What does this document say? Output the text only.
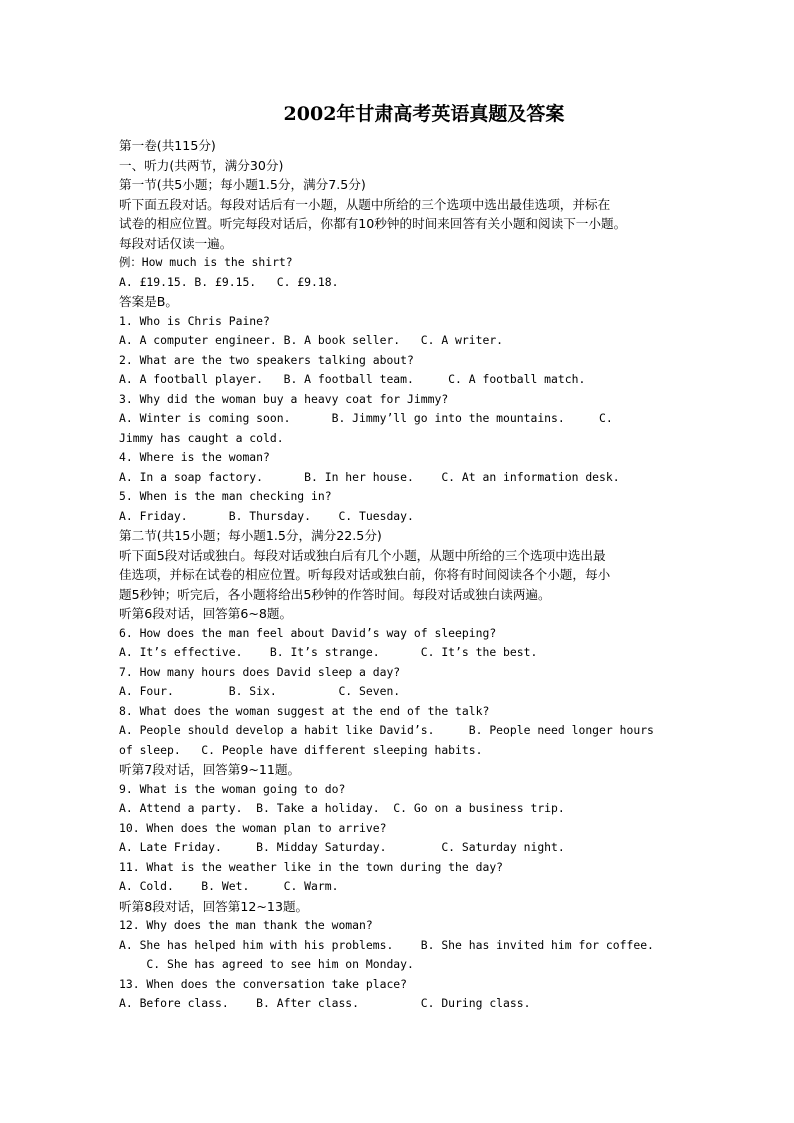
2002年甘肃高考英语真题及答案
第一卷(共115分)
一、听力(共两节，满分30分)
第一节(共5小题；每小题1.5分，满分7.5分)
听下面五段对话。每段对话后有一小题，从题中所给的三个选项中选出最佳选项，并标在
试卷的相应位置。听完每段对话后，你都有10秒钟的时间来回答有关小题和阅读下一小题。
每段对话仅读一遍。
例：How much is the shirt?
A. £19.15. B. £9.15.   C. £9.18.
答案是B。
1. Who is Chris Paine?
A. A computer engineer. B. A book seller.   C. A writer.
2. What are the two speakers talking about?
A. A football player.   B. A football team.     C. A football match.
3. Why did the woman buy a heavy coat for Jimmy?
A. Winter is coming soon.      B. Jimmy’ll go into the mountains.     C.
Jimmy has caught a cold.
4. Where is the woman?
A. In a soap factory.      B. In her house.    C. At an information desk.
5. When is the man checking in?
A. Friday.      B. Thursday.    C. Tuesday.
第二节(共15小题；每小题1.5分，满分22.5分)
听下面5段对话或独白。每段对话或独白后有几个小题，从题中所给的三个选项中选出最
佳选项，并标在试卷的相应位置。听每段对话或独白前，你将有时间阅读各个小题，每小
题5秒钟；听完后，各小题将给出5秒钟的作答时间。每段对话或独白读两遍。
听第6段对话，回答第6~8题。
6. How does the man feel about David’s way of sleeping?
A. It’s effective.    B. It’s strange.      C. It’s the best.
7. How many hours does David sleep a day?
A. Four.        B. Six.         C. Seven.
8. What does the woman suggest at the end of the talk?
A. People should develop a habit like David’s.     B. People need longer hours
of sleep.   C. People have different sleeping habits.
听第7段对话，回答第9~11题。
9. What is the woman going to do?
A. Attend a party.  B. Take a holiday.  C. Go on a business trip.
10. When does the woman plan to arrive?
A. Late Friday.     B. Midday Saturday.        C. Saturday night.
11. What is the weather like in the town during the day?
A. Cold.    B. Wet.     C. Warm.
听第8段对话，回答第12~13题。
12. Why does the man thank the woman?
A. She has helped him with his problems.    B. She has invited him for coffee.
C. She has agreed to see him on Monday.
13. When does the conversation take place?
A. Before class.    B. After class.         C. During class.
